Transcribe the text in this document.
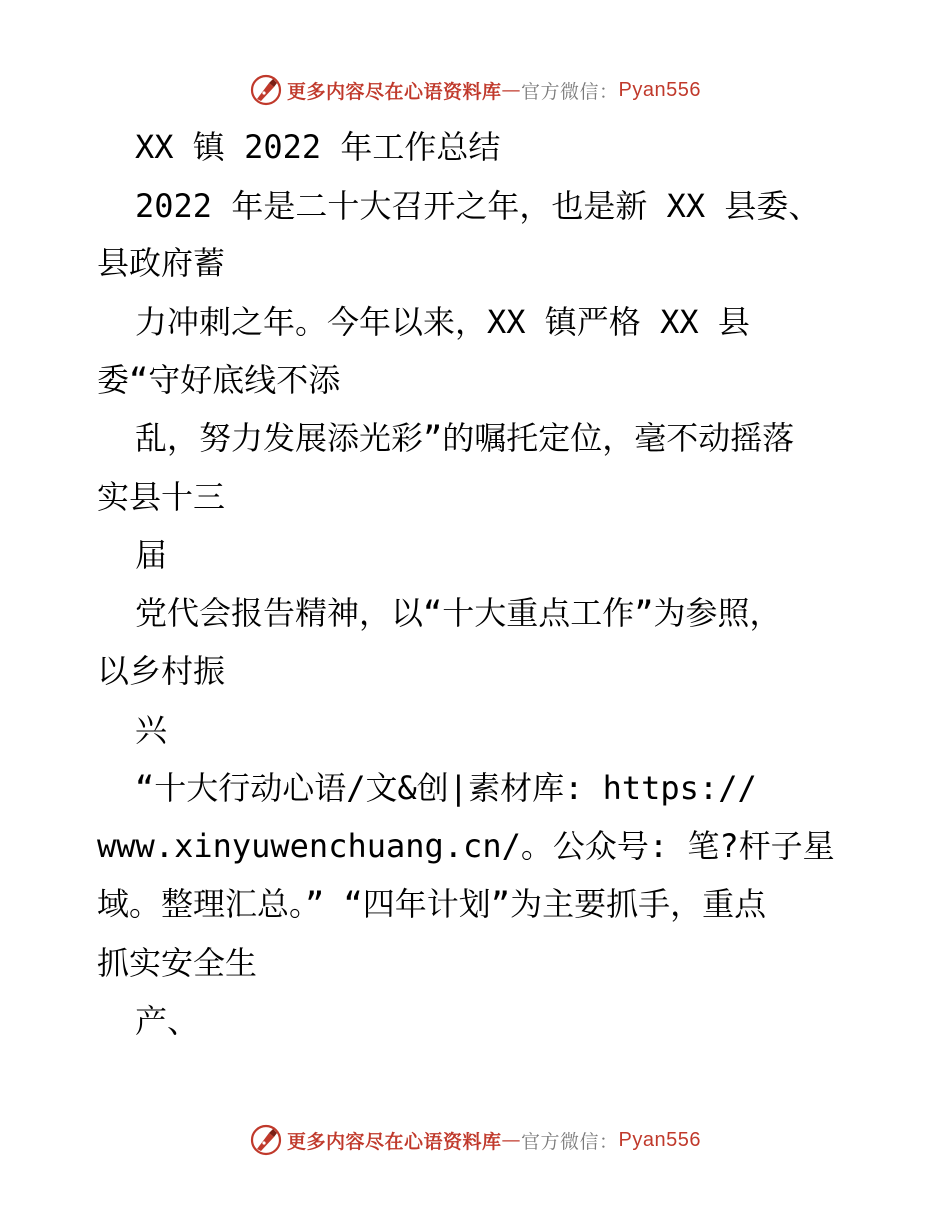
更多内容尽在心语资料库 — 官方微信： Pyan556
XX 镇 2022 年工作总结
2022 年是二十大召开之年，也是新 XX 县委、
县政府蓄
力冲刺之年。今年以来，XX 镇严格 XX 县
委“守好底线不添
乱，努力发展添光彩”的嘱托定位，毫不动摇落
实县十三
届
党代会报告精神，以“十大重点工作”为参照，
以乡村振
兴
“十大行动心语/文&创|素材库: https://
www.xinyuwenchuang.cn/。公众号: 笔?杆子星
域。整理汇总。” “四年计划”为主要抓手，重点
抓实安全生
产、
更多内容尽在心语资料库 — 官方微信： Pyan556
